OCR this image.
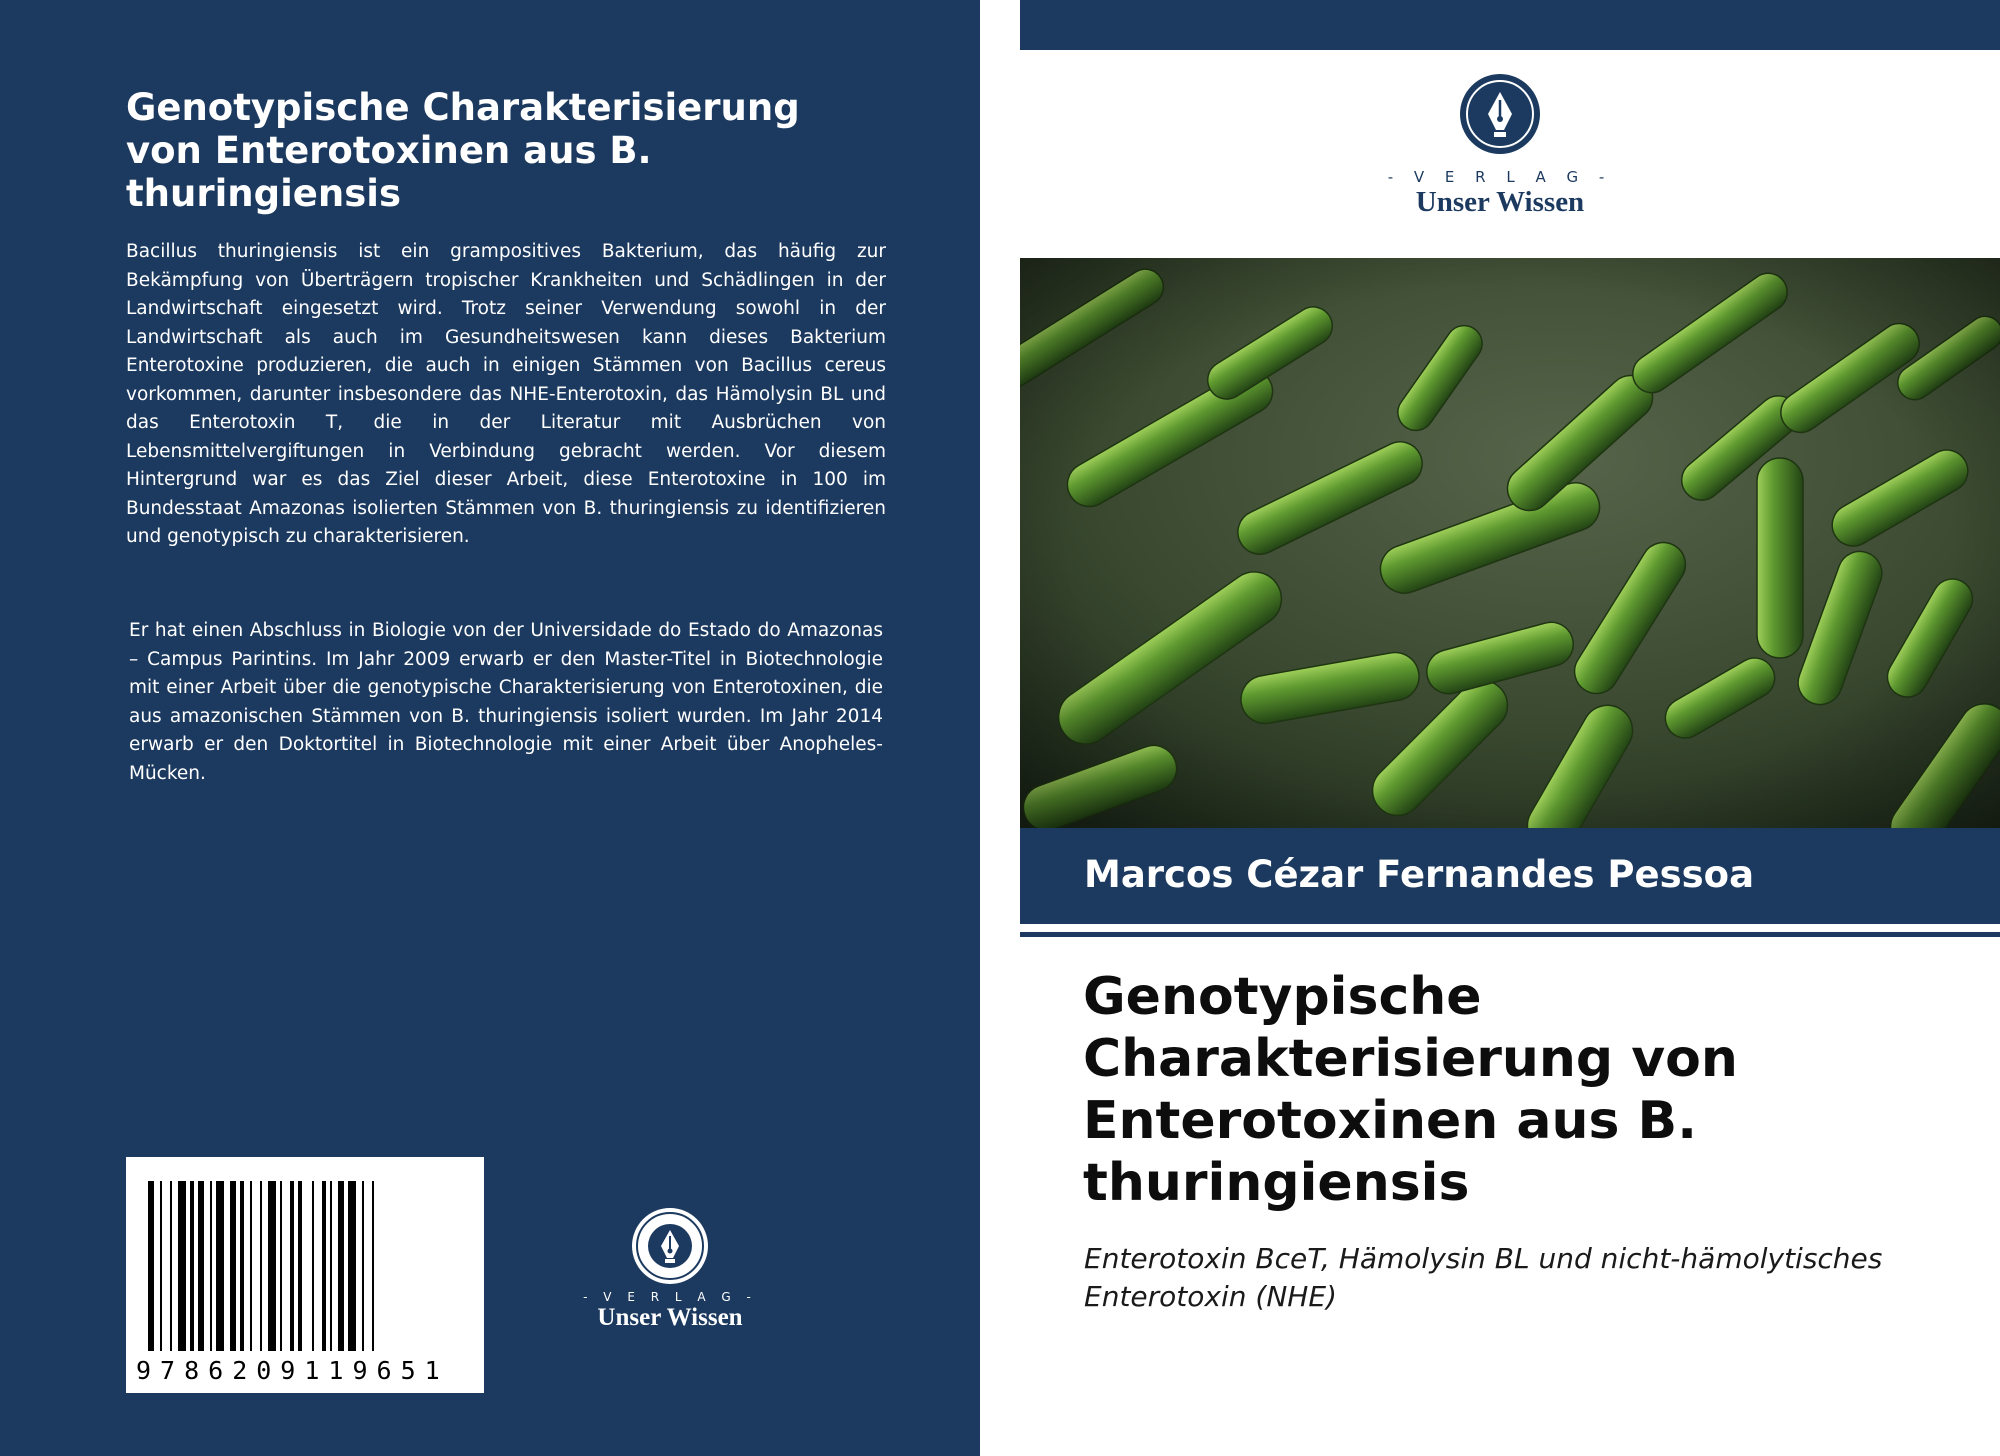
Genotypische Charakterisierung von Enterotoxinen aus B. thuringiensis

Bacillus thuringiensis ist ein grampositives Bakterium, das häufig zur Bekämpfung von Überträgern tropischer Krankheiten und Schädlingen in der Landwirtschaft eingesetzt wird. Trotz seiner Verwendung sowohl in der Landwirtschaft als auch im Gesundheitswesen kann dieses Bakterium Enterotoxine produzieren, die auch in einigen Stämmen von Bacillus cereus vorkommen, darunter insbesondere das NHE-Enterotoxin, das Hämolysin BL und das Enterotoxin T, die in der Literatur mit Ausbrüchen von Lebensmittelvergiftungen in Verbindung gebracht werden. Vor diesem Hintergrund war es das Ziel dieser Arbeit, diese Enterotoxine in 100 im Bundesstaat Amazonas isolierten Stämmen von B. thuringiensis zu identifizieren und genotypisch zu charakterisieren.

Er hat einen Abschluss in Biologie von der Universidade do Estado do Amazonas – Campus Parintins. Im Jahr 2009 erwarb er den Master-Titel in Biotechnologie mit einer Arbeit über die genotypische Charakterisierung von Enterotoxinen, die aus amazonischen Stämmen von B. thuringiensis isoliert wurden. Im Jahr 2014 erwarb er den Doktortitel in Biotechnologie mit einer Arbeit über Anopheles-Mücken.

9786209119651
- V E R L A G -
Unser Wissen
- V E R L A G -
Unser Wissen
Marcos Cézar Fernandes Pessoa
Genotypische Charakterisierung von Enterotoxinen aus B. thuringiensis

Enterotoxin BceT, Hämolysin BL und nicht-hämolytisches Enterotoxin (NHE)
